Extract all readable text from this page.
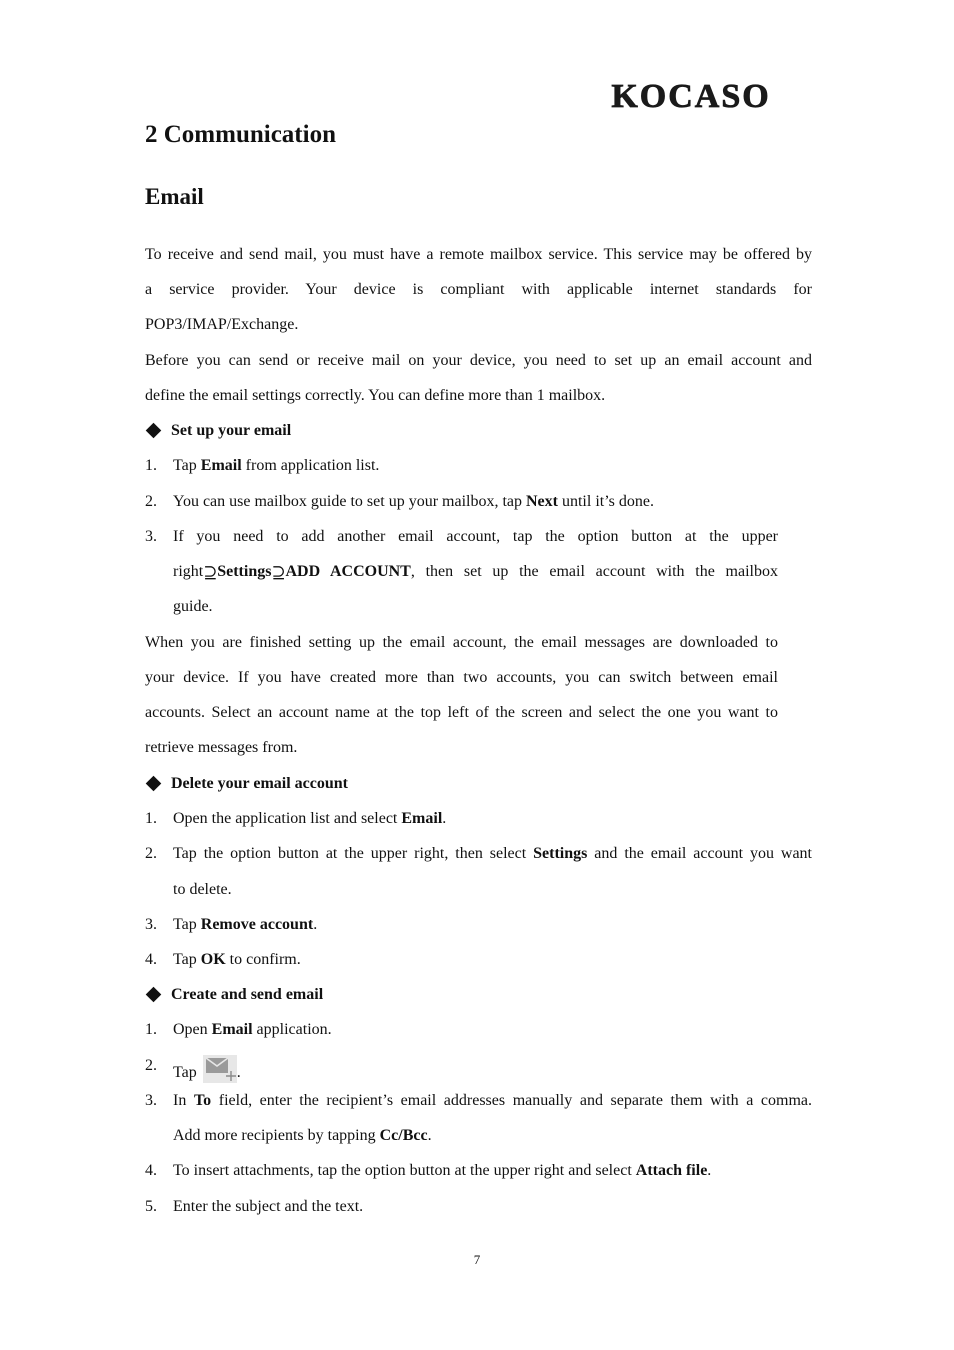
KOCASO
2 Communication
Email
To receive and send mail, you must have a remote mailbox service. This service may be offered by
a service provider. Your device is compliant with applicable internet standards for
POP3/IMAP/Exchange.
Before you can send or receive mail on your device, you need to set up an email account and
define the email settings correctly. You can define more than 1 mailbox.
Set up your email
1. Tap Email from application list.
2. You can use mailbox guide to set up your mailbox, tap Next until it’s done.
3. If you need to add another email account, tap the option button at the upper
right⊇Settings⊇ADD ACCOUNT, then set up the email account with the mailbox
guide.
When you are finished setting up the email account, the email messages are downloaded to
your device. If you have created more than two accounts, you can switch between email
accounts. Select an account name at the top left of the screen and select the one you want to
retrieve messages from.
Delete your email account
1. Open the application list and select Email.
2. Tap the option button at the upper right, then select Settings and the email account you want
to delete.
3. Tap Remove account.
4. Tap OK to confirm.
Create and send email
1. Open Email application.
2. Tap	.
3. In To field, enter the recipient’s email addresses manually and separate them with a comma.
Add more recipients by tapping Cc/Bcc.
4. To insert attachments, tap the option button at the upper right and select Attach file.
5. Enter the subject and the text.
7
